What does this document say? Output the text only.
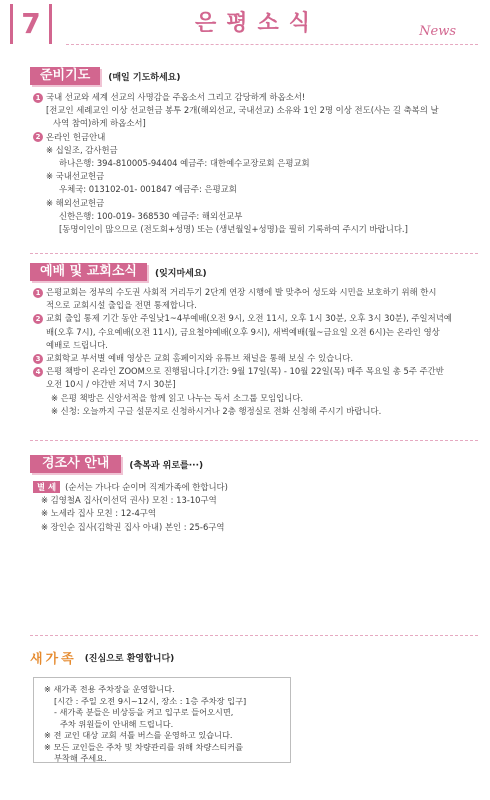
7	은평소식	News
준비기도	(매일 기도하세요)
1 국내 선교와 세계 선교의 사명감을 주옵소서 그리고 감당하게 하옵소서!
[전교인 세례교인 이상 선교헌금 봉투 2개(해외선교, 국내선교) 소유와 1인 2명 이상 전도(사는 길 축복의 날
사역 참여)하게 하옵소서]
2 온라인 헌금안내
※ 십일조, 감사헌금
하나은행: 394-810005-94404 예금주: 대한예수교장로회 은평교회
※ 국내선교헌금
우체국: 013102-01- 001847 예금주: 은평교회
※ 해외선교헌금
신한은행: 100-019- 368530 예금주: 해외선교부
[동명이인이 많으므로 (전도회+성명) 또는 (생년월일+성명)을 필히 기록하여 주시기 바랍니다.]
예배 및 교회소식	(잊지마세요)
1 은평교회는 정부의 수도권 사회적 거리두기 2단계 연장 시행에 발 맞추어 성도와 시민을 보호하기 위해 한시
적으로 교회시설 출입을 전면 통제합니다.
2 교회 출입 통제 기간 동안 주일낮1~4부예배(오전 9시, 오전 11시, 오후 1시 30분, 오후 3시 30분), 주일저녁예
배(오후 7시), 수요예배(오전 11시), 금요철야예배(오후 9시), 새벽예배(월~금요일 오전 6시)는 온라인 영상
예배로 드립니다.
3 교회학교 부서별 예배 영상은 교회 홈페이지와 유튜브 채널을 통해 보실 수 있습니다.
4 은평 책방이 온라인 ZOOM으로 진행됩니다.[기간: 9월 17일(목) - 10월 22일(목) 매주 목요일 총 5주 주간반
오전 10시 / 야간반 저녁 7시 30분]
※ 은평 책방은 신앙서적을 함께 읽고 나누는 독서 소그룹 모임입니다.
※ 신청: 오늘까지 구글 설문지로 신청하시거나 2층 행정실로 전화 신청해 주시기 바랍니다.
경조사 안내	(축복과 위로를···)
별 세 (순서는 가나다 순이며 직계가족에 한합니다)
※ 김영철A 집사(이선덕 권사) 모친 : 13-10구역
※ 노세라 집사 모친 : 12-4구역
※ 장인순 집사(김학권 집사 아내) 본인 : 25-6구역
새가족 (진심으로 환영합니다)
※ 새가족 전용 주차장을 운영합니다.
[시간 : 주일 오전 9시~12시, 장소 : 1층 주차장 입구]
- 새가족 분들은 비상등을 켜고 입구로 들어오시면,
주차 위원들이 안내해 드립니다.
※ 전 교인 대상 교회 셔틀 버스를 운영하고 있습니다.
※ 모든 교인들은 주차 및 차량관리를 위해 차량스티커를
부착해 주세요.
